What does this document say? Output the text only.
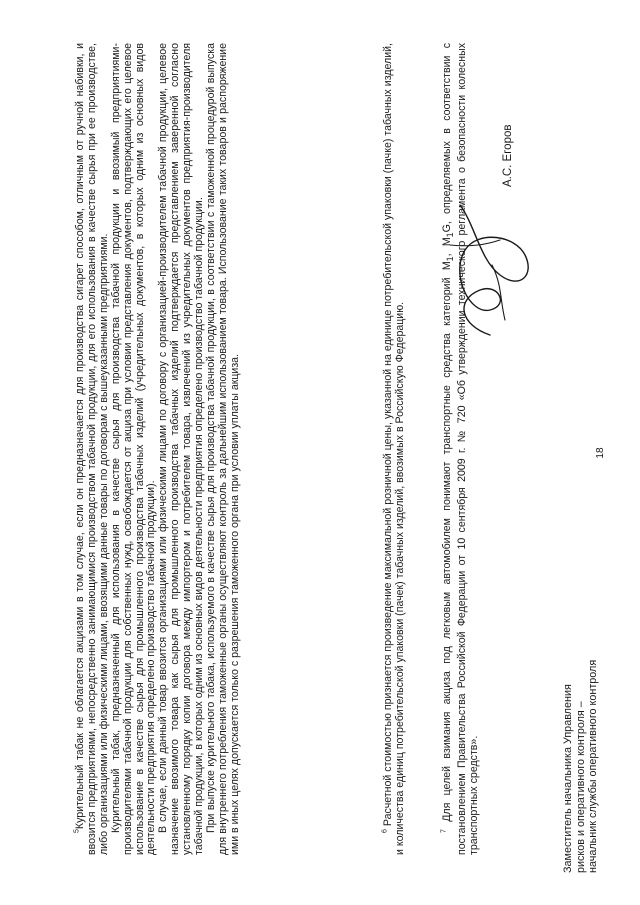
18

$^5$Курительный табак не облагается акцизами в том случае, если он предназначается для производства сигарет способом, отличным от ручной набивки, и ввозится предприятиями, непосредственно занимающимися производством табачной продукции, для его использования в качестве сырья при ее производстве, либо организациями или физическими лицами, ввозящими данные товары по договорам с вышеуказанными предприятиями. Курительный табак, предназначенный для использования в качестве сырья для производства табачной продукции и ввозимый предприятиями-производителями табачной продукции для собственных нужд, освобождается от акциза при условии представления документов, подтверждающих его целевое использование в качестве сырья для промышленного производства табачных изделий (учредительных документов, в которых одним из основных видов деятельности предприятия определено производство табачной продукции). В случае, если данный товар ввозится организациями или физическими лицами по договору с организацией-производителем табачной продукции, целевое назначение ввозимого товара как сырья для промышленного производства табачных изделий подтверждается представлением заверенной согласно установленному порядку копии договора между импортером и потребителем товара, извлечений из учредительных документов предприятия-производителя табачной продукции, в которых одним из основных видов деятельности предприятия определено производство табачной продукции. При выпуске курительного табака, используемого в качестве сырья для производства табачной продукции, в соответствии с таможенной процедурой выпуска для внутреннего потребления таможенные органы осуществляют контроль за дальнейшим использованием товара. Использование таких товаров и распоряжение ими в иных целях допускается только с разрешения таможенного органа при условии уплаты акциза.	$^6$ Расчетной стоимостью признается произведение максимальной розничной цены, указанной на единице потребительской упаковки (пачке) табачных изделий, и количества единиц потребительской упаковки (пачек) табачных изделий, ввозимых в Российскую Федерацию.	$^7$ Для целей взимания акциза под легковым автомобилем понимают транспортные средства категорий $М_1$, $М_1G$, определяемых в соответствии с постановлением Правительства Российской Федерации от 10 сентября 2009 г. № 720 «Об утверждении технического регламента о безопасности колесных транспортных средств».	Заместитель начальника Управления рисков и оперативного контроля – начальник службы оперативного контроля
А.С. Егоров
